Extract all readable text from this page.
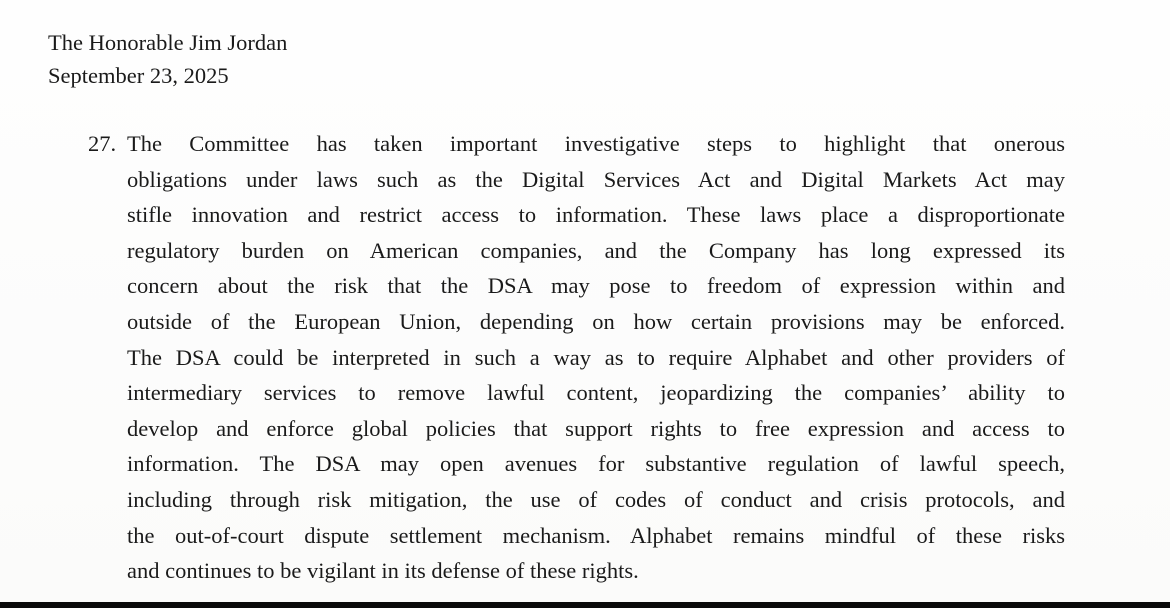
The Honorable Jim Jordan
September 23, 2025
27. The Committee has taken important investigative steps to highlight that onerous
obligations under laws such as the Digital Services Act and Digital Markets Act may
stifle innovation and restrict access to information. These laws place a disproportionate
regulatory burden on American companies, and the Company has long expressed its
concern about the risk that the DSA may pose to freedom of expression within and
outside of the European Union, depending on how certain provisions may be enforced.
The DSA could be interpreted in such a way as to require Alphabet and other providers of
intermediary services to remove lawful content, jeopardizing the companies’ ability to
develop and enforce global policies that support rights to free expression and access to
information. The DSA may open avenues for substantive regulation of lawful speech,
including through risk mitigation, the use of codes of conduct and crisis protocols, and
the out-of-court dispute settlement mechanism. Alphabet remains mindful of these risks
and continues to be vigilant in its defense of these rights.
